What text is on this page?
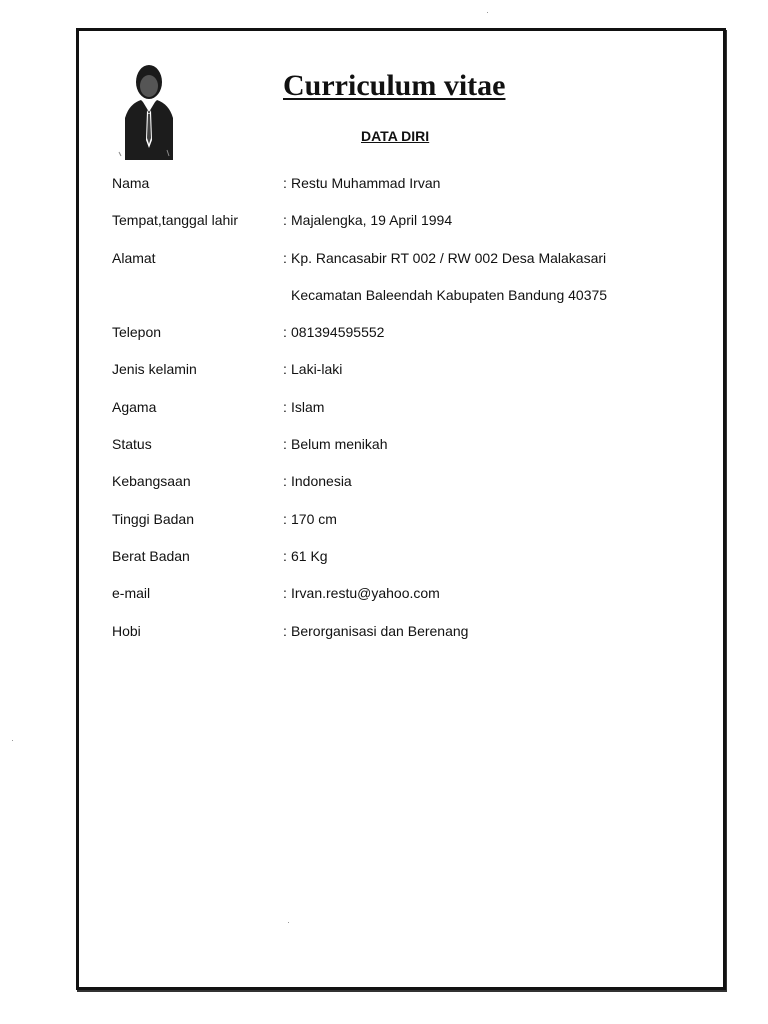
Curriculum vitae
DATA DIRI
Nama	: Restu Muhammad Irvan
Tempat,tanggal lahir	: Majalengka, 19 April 1994
Alamat	: Kp. Rancasabir RT 002 / RW 002 Desa Malakasari
Kecamatan Baleendah Kabupaten Bandung 40375
Telepon	: 081394595552
Jenis kelamin	: Laki-laki
Agama	: Islam
Status	: Belum menikah
Kebangsaan	: Indonesia
Tinggi Badan	: 170 cm
Berat Badan	: 61 Kg
e-mail	: Irvan.restu@yahoo.com
Hobi	: Berorganisasi dan Berenang
